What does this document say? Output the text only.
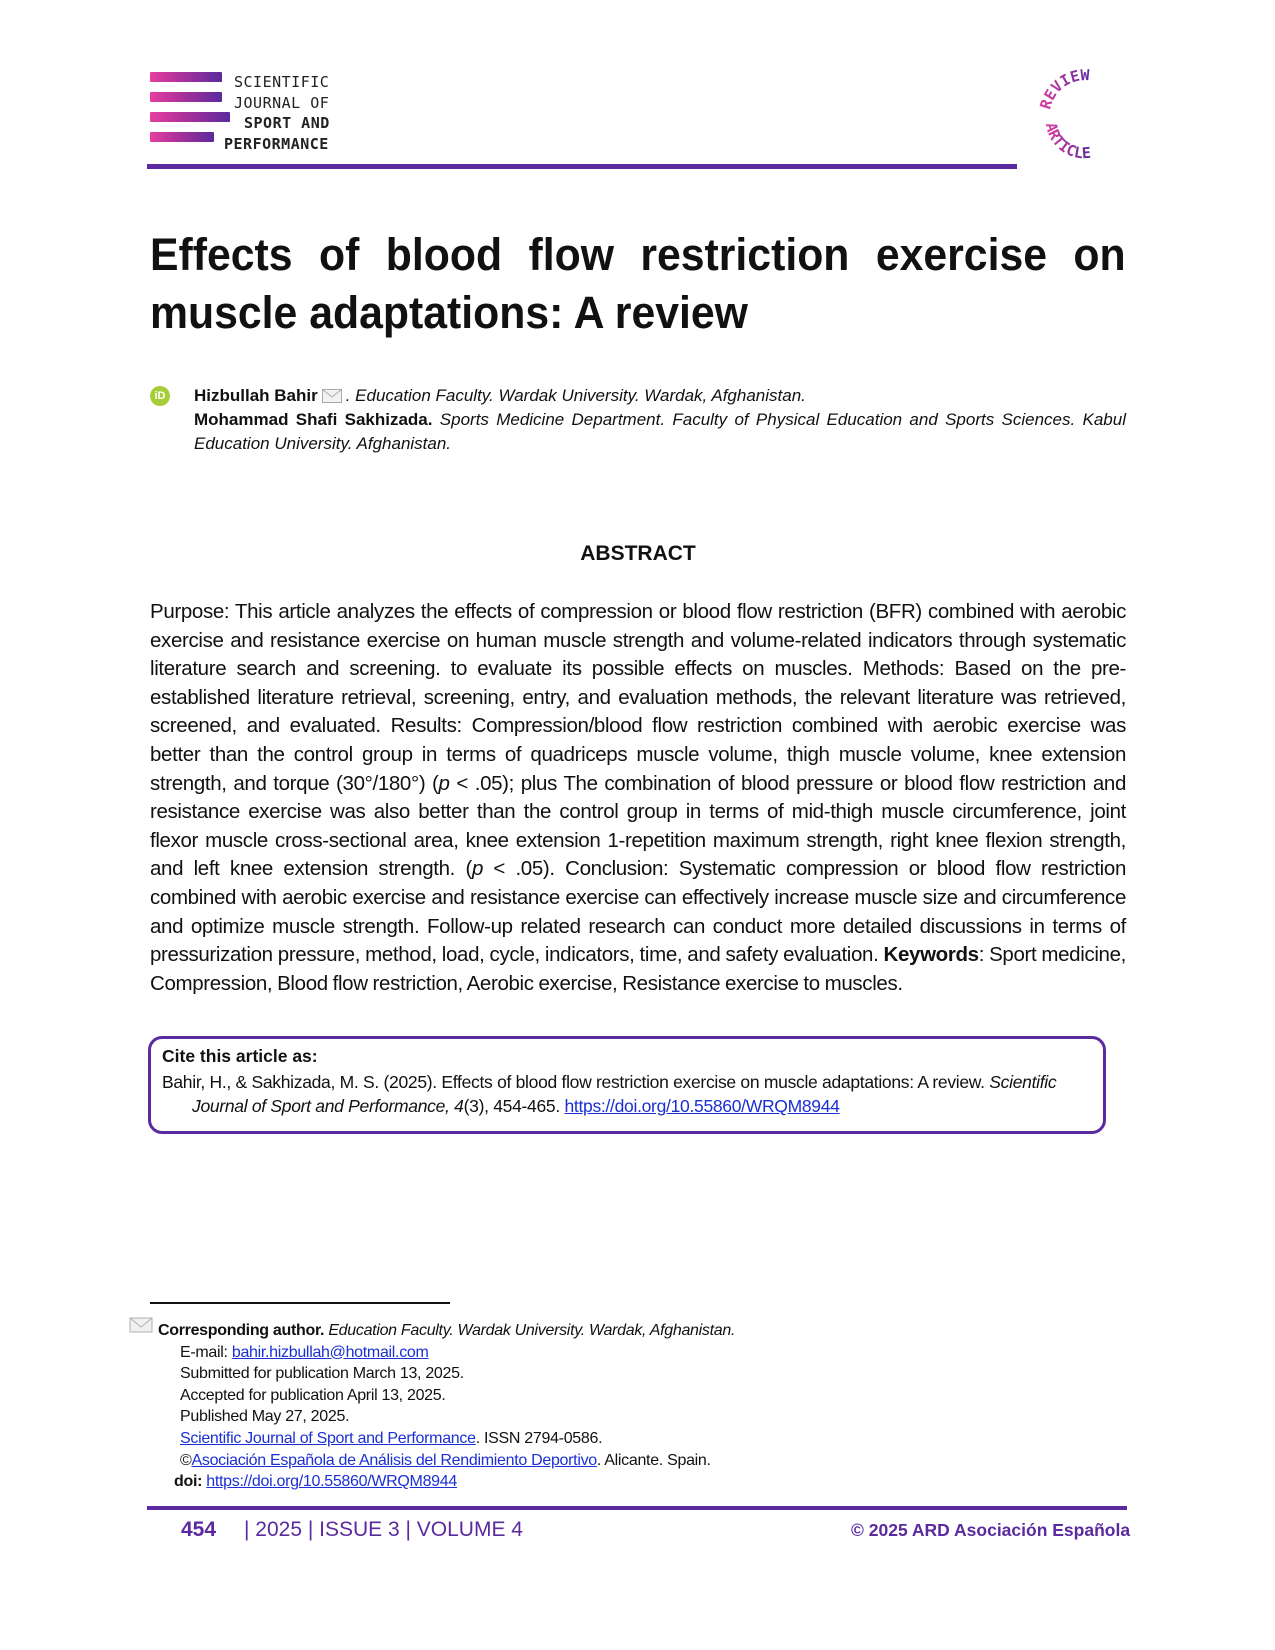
SCIENTIFIC
JOURNAL OF
SPORT AND
PERFORMANCE
REVIEW
ARTICLE
Effects of blood flow restriction exercise on muscle adaptations: A review
iD Hizbullah Bahir . Education Faculty. Wardak University. Wardak, Afghanistan.
Mohammad Shafi Sakhizada. Sports Medicine Department. Faculty of Physical Education and Sports Sciences. Kabul Education University. Afghanistan.
ABSTRACT
Purpose: This article analyzes the effects of compression or blood flow restriction (BFR) combined with aerobic exercise and resistance exercise on human muscle strength and volume-related indicators through systematic literature search and screening. to evaluate its possible effects on muscles. Methods: Based on the pre-established literature retrieval, screening, entry, and evaluation methods, the relevant literature was retrieved, screened, and evaluated. Results: Compression/blood flow restriction combined with aerobic exercise was better than the control group in terms of quadriceps muscle volume, thigh muscle volume, knee extension strength, and torque (30°/180°) (p < .05); plus The combination of blood pressure or blood flow restriction and resistance exercise was also better than the control group in terms of mid-thigh muscle circumference, joint flexor muscle cross-sectional area, knee extension 1-repetition maximum strength, right knee flexion strength, and left knee extension strength. (p < .05). Conclusion: Systematic compression or blood flow restriction combined with aerobic exercise and resistance exercise can effectively increase muscle size and circumference and optimize muscle strength. Follow-up related research can conduct more detailed discussions in terms of pressurization pressure, method, load, cycle, indicators, time, and safety evaluation. Keywords: Sport medicine, Compression, Blood flow restriction, Aerobic exercise, Resistance exercise to muscles.
Cite this article as:
Bahir, H., & Sakhizada, M. S. (2025). Effects of blood flow restriction exercise on muscle adaptations: A review. Scientific
Journal of Sport and Performance, 4(3), 454-465. https://doi.org/10.55860/WRQM8944
Corresponding author. Education Faculty. Wardak University. Wardak, Afghanistan.
E-mail: bahir.hizbullah@hotmail.com
Submitted for publication March 13, 2025.
Accepted for publication April 13, 2025.
Published May 27, 2025.
Scientific Journal of Sport and Performance. ISSN 2794-0586.
©Asociación Española de Análisis del Rendimiento Deportivo. Alicante. Spain.
doi: https://doi.org/10.55860/WRQM8944
454 | 2025 | ISSUE 3 | VOLUME 4	© 2025 ARD Asociación Española
